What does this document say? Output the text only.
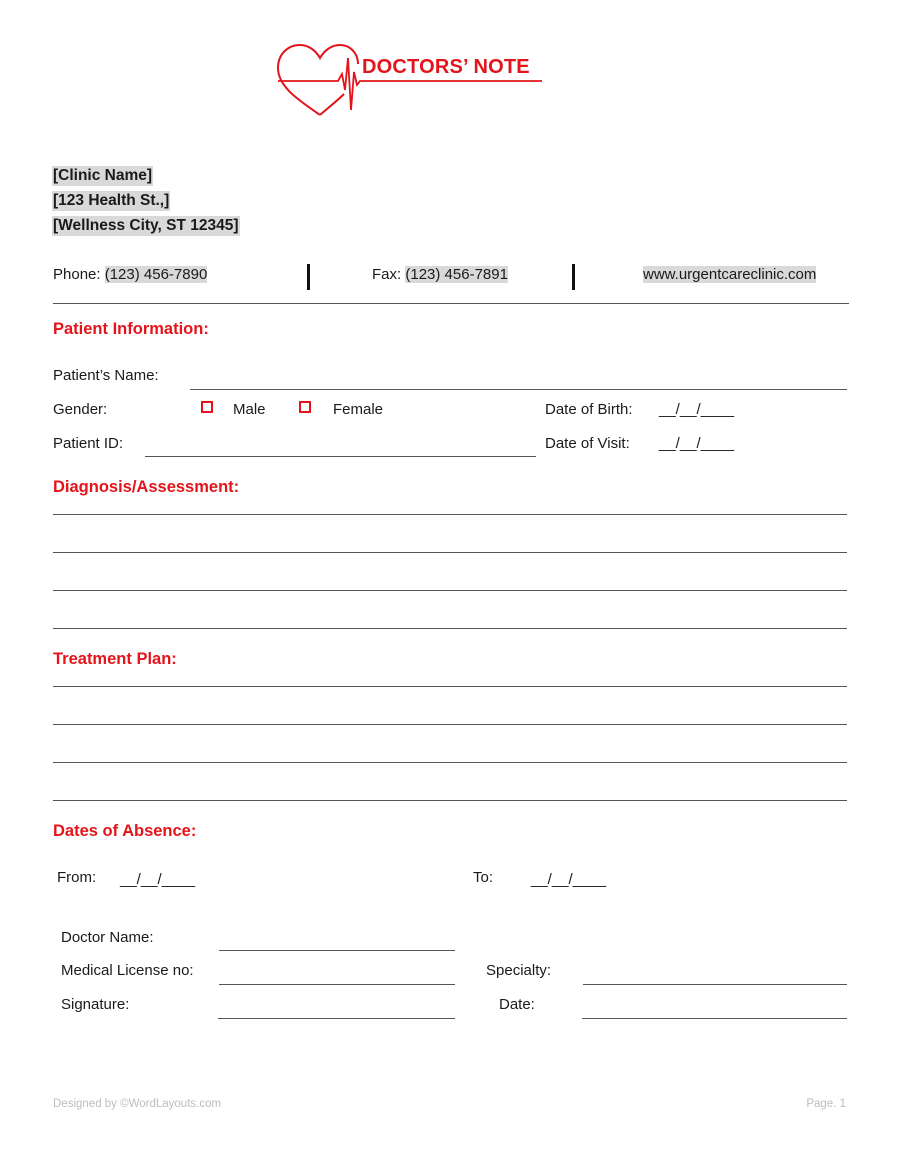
DOCTORS’ NOTE
[Clinic Name]
[123 Health St.,]
[Wellness City, ST 12345]
Phone: (123) 456-7890	Fax: (123) 456-7891	www.urgentcareclinic.com
Patient Information:
Patient’s Name:
Gender:	Male	Female	Date of Birth: __/__/____
Patient ID:	Date of Visit: __/__/____
Diagnosis/Assessment:
Treatment Plan:
Dates of Absence:
From: __/__/____	To:	__/__/____
Doctor Name:
Medical License no:	Specialty:
Signature:	Date:
Designed by ©WordLayouts.com	Page. 1
